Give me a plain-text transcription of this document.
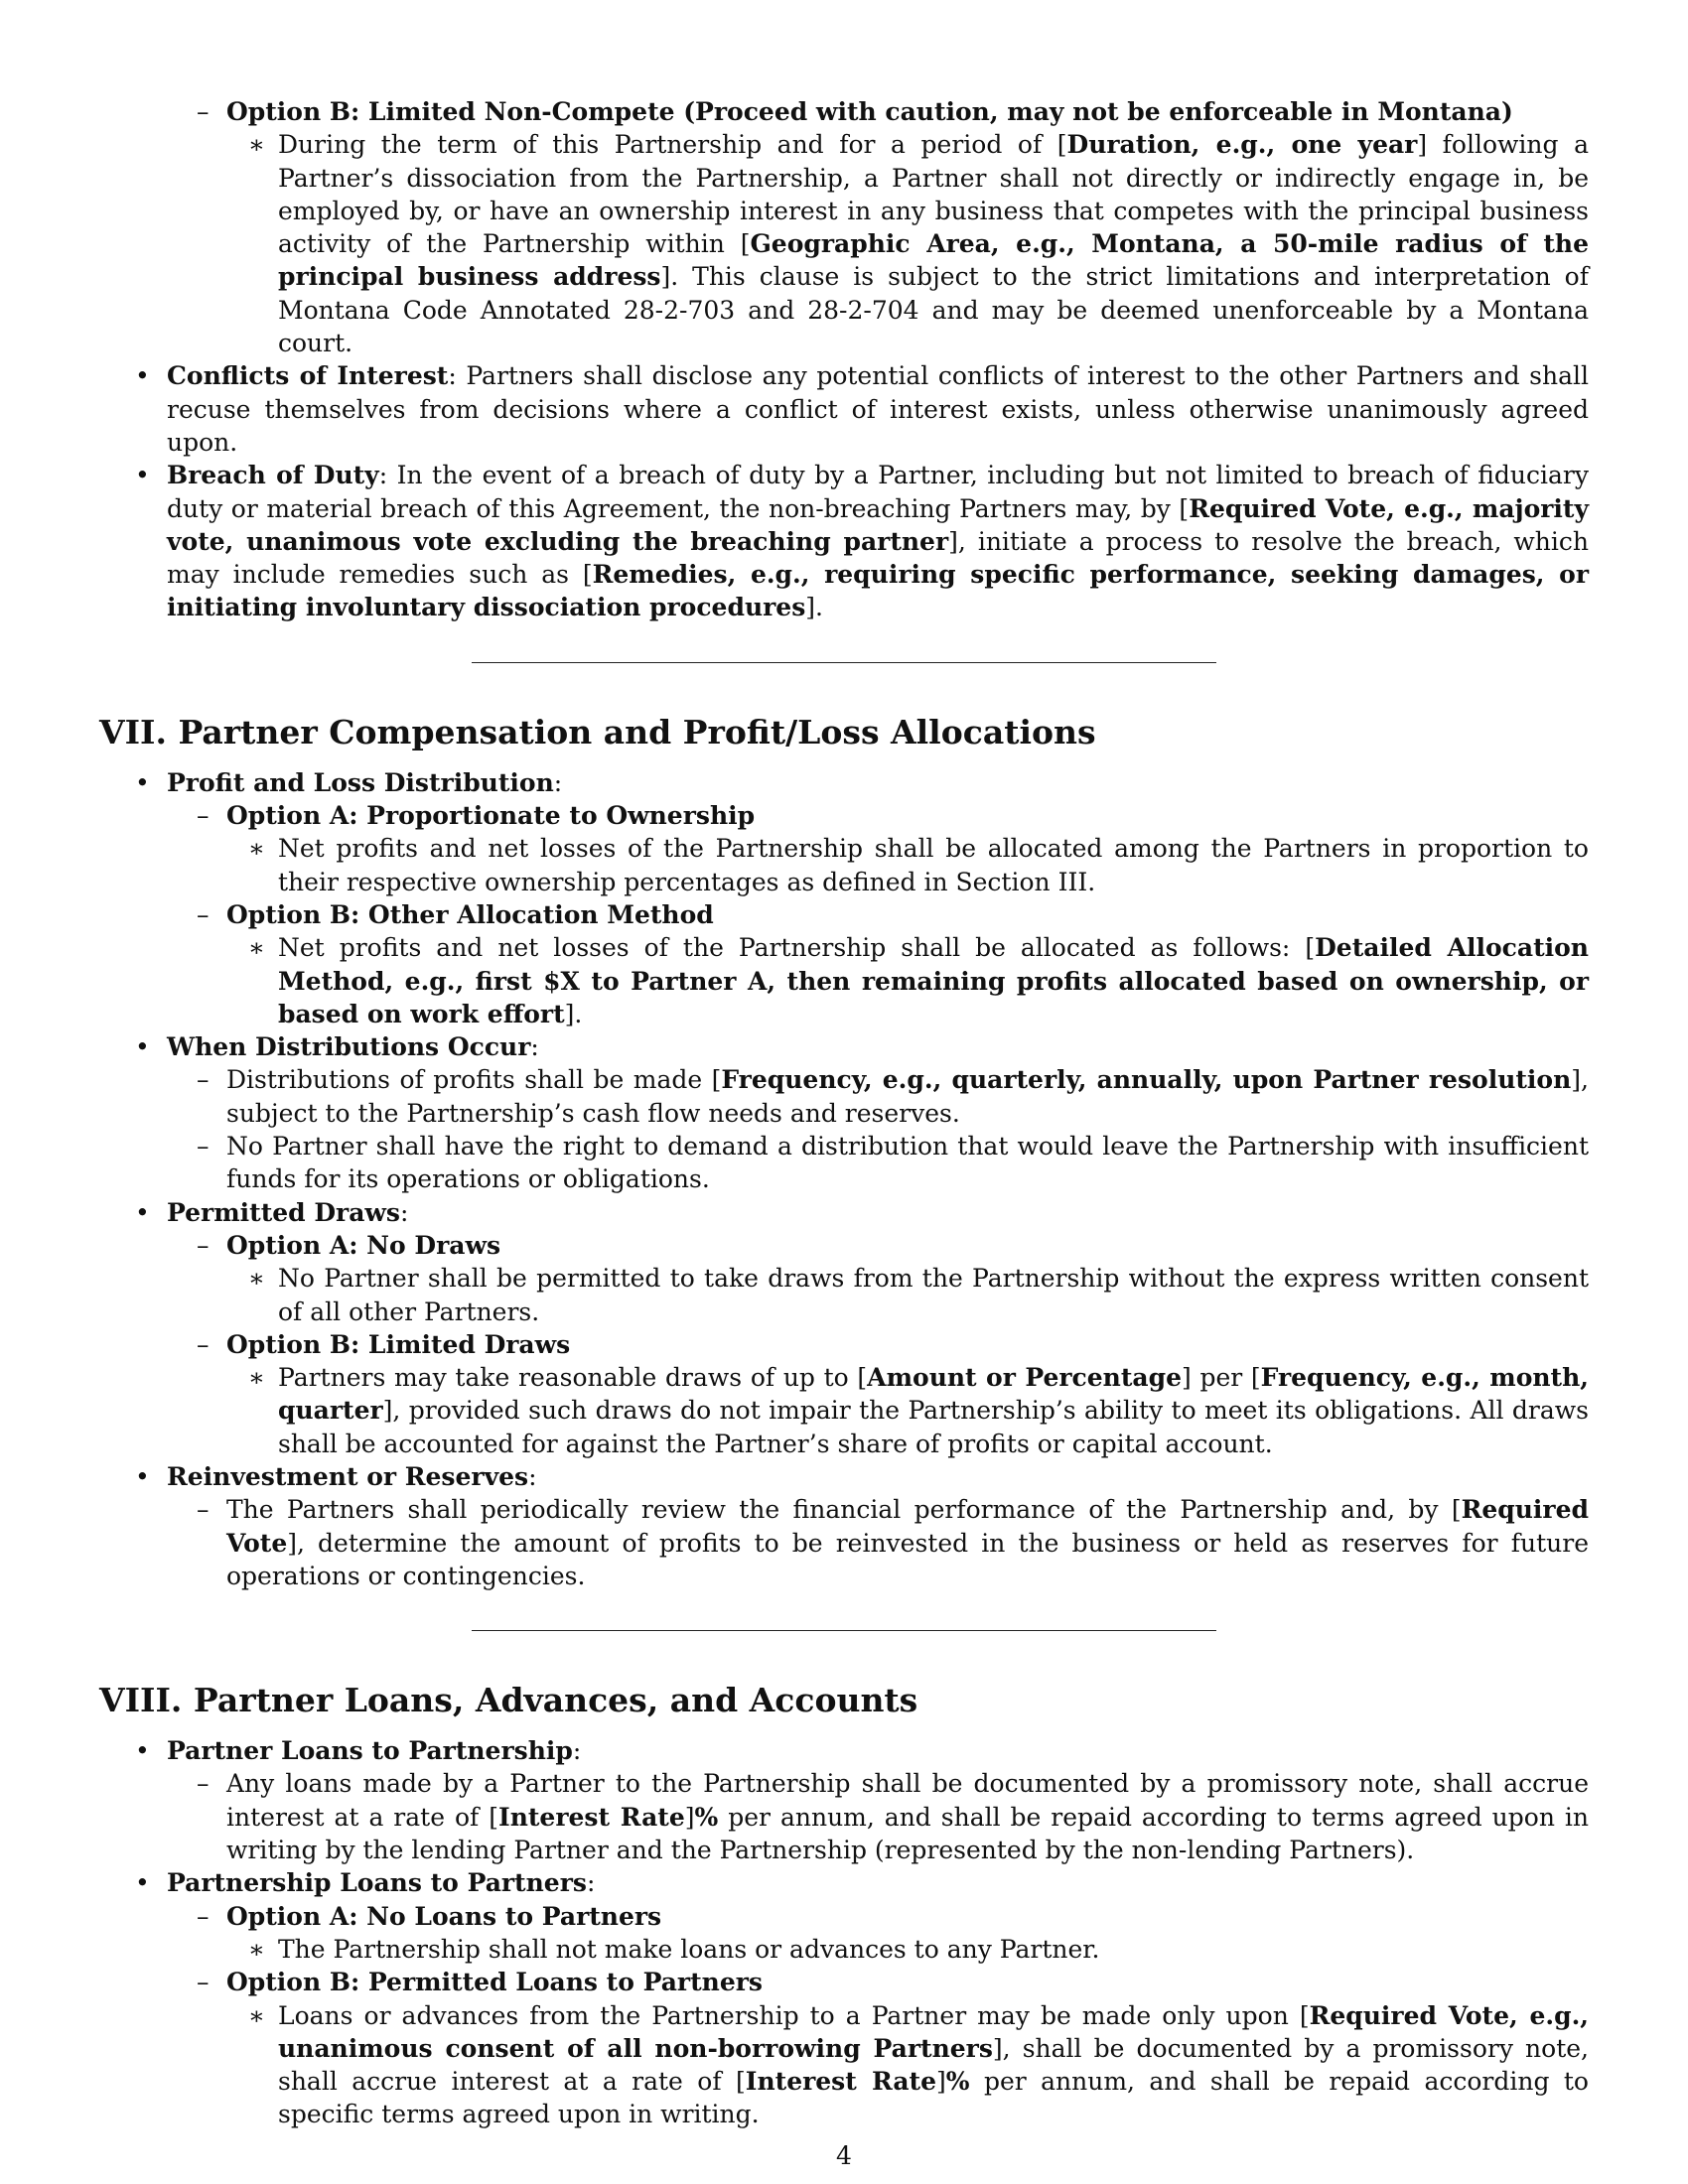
– Option B: Limited Non-Compete (Proceed with caution, may not be enforceable in Montana)
∗ During the term of this Partnership and for a period of [Duration, e.g., one year] following a Partner’s dissociation from the Partnership, a Partner shall not directly or indirectly engage in, be employed by, or have an ownership interest in any business that competes with the principal business activity of the Partnership within [Geographic Area, e.g., Montana, a 50-mile radius of the principal business address]. This clause is subject to the strict limitations and interpretation of Montana Code Annotated 28-2-703 and 28-2-704 and may be deemed unenforceable by a Montana court.
• Conflicts of Interest: Partners shall disclose any potential conflicts of interest to the other Partners and shall recuse themselves from decisions where a conflict of interest exists, unless otherwise unanimously agreed upon.
• Breach of Duty: In the event of a breach of duty by a Partner, including but not limited to breach of fiduciary duty or material breach of this Agreement, the non-breaching Partners may, by [Required Vote, e.g., majority vote, unanimous vote excluding the breaching partner], initiate a process to resolve the breach, which may include remedies such as [Remedies, e.g., requiring specific performance, seeking damages, or initiating involuntary dissociation procedures].
VII. Partner Compensation and Profit/Loss Allocations
• Profit and Loss Distribution:
– Option A: Proportionate to Ownership
∗ Net profits and net losses of the Partnership shall be allocated among the Partners in proportion to their respective ownership percentages as defined in Section III.
– Option B: Other Allocation Method
∗ Net profits and net losses of the Partnership shall be allocated as follows: [Detailed Allocation Method, e.g., first $X to Partner A, then remaining profits allocated based on ownership, or based on work effort].
• When Distributions Occur:
– Distributions of profits shall be made [Frequency, e.g., quarterly, annually, upon Partner resolution], subject to the Partnership’s cash flow needs and reserves.
– No Partner shall have the right to demand a distribution that would leave the Partnership with insufficient funds for its operations or obligations.
• Permitted Draws:
– Option A: No Draws
∗ No Partner shall be permitted to take draws from the Partnership without the express written consent of all other Partners.
– Option B: Limited Draws
∗ Partners may take reasonable draws of up to [Amount or Percentage] per [Frequency, e.g., month, quarter], provided such draws do not impair the Partnership’s ability to meet its obligations. All draws shall be accounted for against the Partner’s share of profits or capital account.
• Reinvestment or Reserves:
– The Partners shall periodically review the financial performance of the Partnership and, by [Required Vote], determine the amount of profits to be reinvested in the business or held as reserves for future operations or contingencies.
VIII. Partner Loans, Advances, and Accounts
• Partner Loans to Partnership:
– Any loans made by a Partner to the Partnership shall be documented by a promissory note, shall accrue interest at a rate of [Interest Rate]% per annum, and shall be repaid according to terms agreed upon in writing by the lending Partner and the Partnership (represented by the non-lending Partners).
• Partnership Loans to Partners:
– Option A: No Loans to Partners
∗ The Partnership shall not make loans or advances to any Partner.
– Option B: Permitted Loans to Partners
∗ Loans or advances from the Partnership to a Partner may be made only upon [Required Vote, e.g., unanimous consent of all non-borrowing Partners], shall be documented by a promissory note, shall accrue interest at a rate of [Interest Rate]% per annum, and shall be repaid according to specific terms agreed upon in writing.
4
